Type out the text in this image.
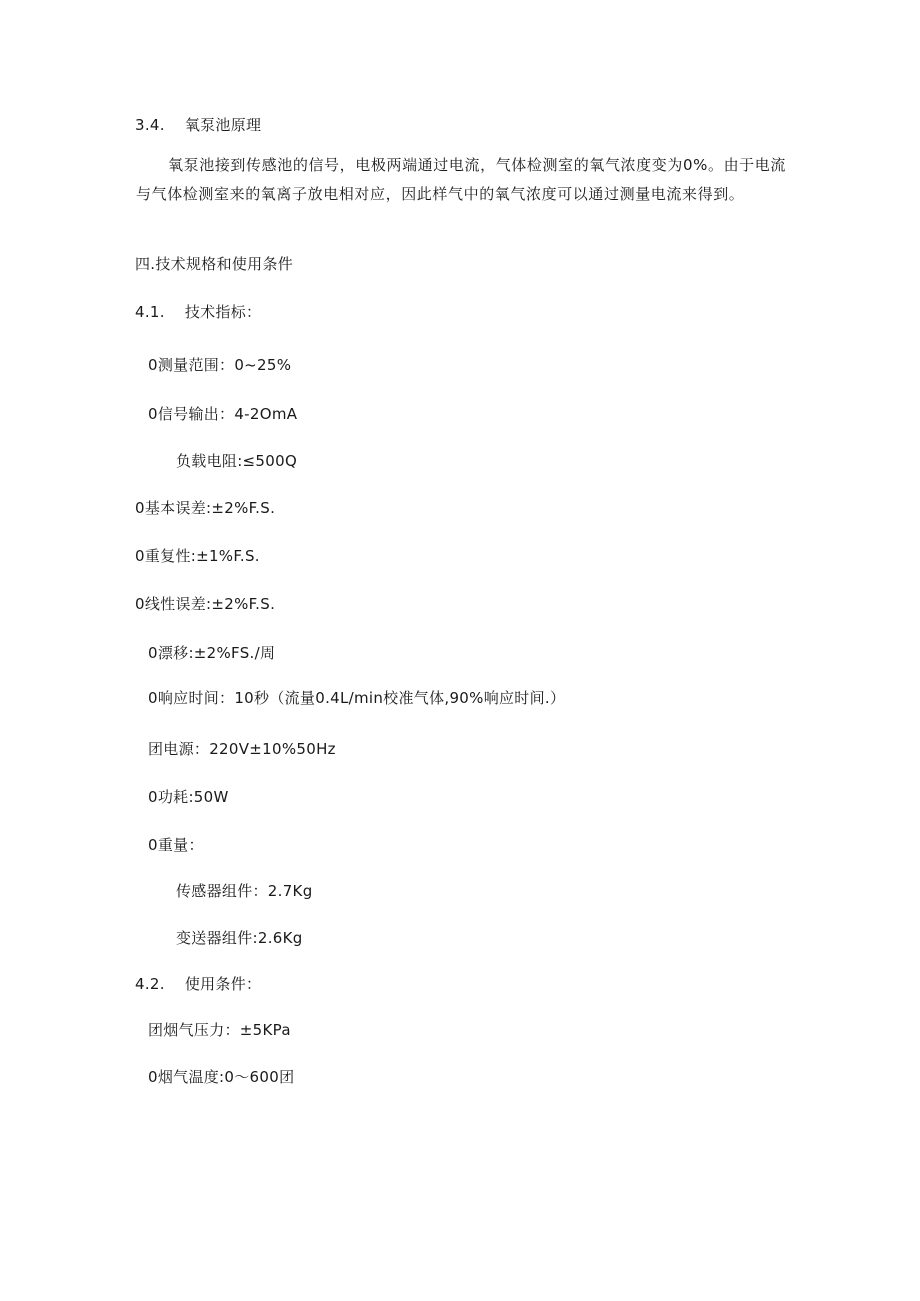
3.4. 氧泵池原理
氧泵池接到传感池的信号，电极两端通过电流，气体检测室的氧气浓度变为0%。由于电流与气体检测室来的氧离子放电相对应，因此样气中的氧气浓度可以通过测量电流来得到。
四.技术规格和使用条件
4.1. 技术指标：
0测量范围：0~25%
0信号输出：4-2OmA
负载电阻:≤500Q
0基本误差:±2%F.S.
0重复性:±1%F.S.
0线性误差:±2%F.S.
0漂移:±2%FS./周
0响应时间：10秒（流量0.4L/min校准气体,90%响应时间.）
团电源：220V±10%50Hz
0功耗:50W
0重量：
传感器组件：2.7Kg
变送器组件:2.6Kg
4.2. 使用条件：
团烟气压力：±5KPa
0烟气温度:0～600团
